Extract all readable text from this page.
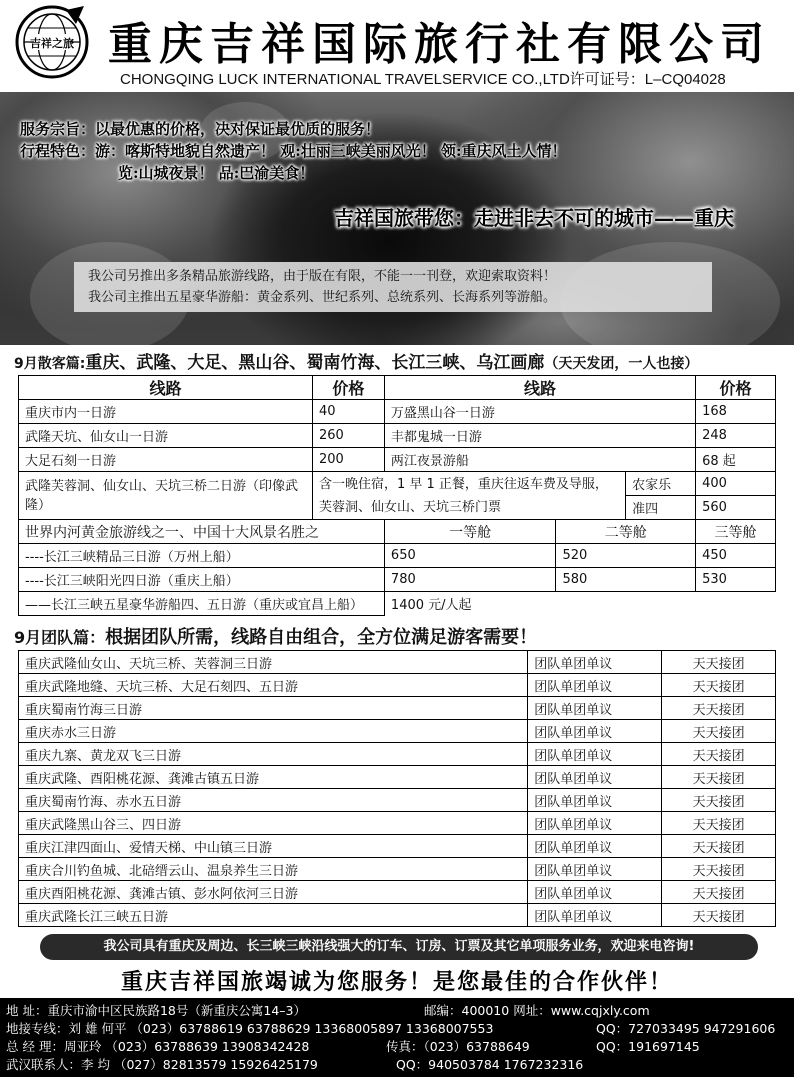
吉祥之旅 重庆吉祥国际旅行社有限公司
CHONGQING LUCK INTERNATIONAL TRAVELSERVICE CO.,LTD许可证号：L–CQ04028
服务宗旨：以最优惠的价格，决对保证最优质的服务！
行程特色：游：喀斯特地貌自然遗产！ 观:壮丽三峡美丽风光！ 领:重庆风土人情！
览:山城夜景！ 品:巴渝美食！
吉祥国旅带您：走进非去不可的城市——重庆
我公司另推出多条精品旅游线路，由于版在有限，不能一一刊登，欢迎索取资料！
我公司主推出五星豪华游船：黄金系列、世纪系列、总统系列、长海系列等游船。
9月散客篇:重庆、武隆、大足、黑山谷、蜀南竹海、长江三峡、乌江画廊（天天发团，一人也接）
线路	价格	线路			价格
重庆市内一日游	40	万盛黑山谷一日游			168
武隆天坑、仙女山一日游	260	丰都鬼城一日游			248
大足石刻一日游	200	两江夜景游船			68 起
武隆芙蓉洞、仙女山、天坑三桥二日游（印像武隆）	含一晚住宿，1 早 1 正餐，重庆往返车费及导服，
芙蓉洞、仙女山、天坑三桥门票			农家乐	400
				准四	560
世界内河黄金旅游线之一、中国十大风景名胜之		一等舱	二等舱		三等舱
----长江三峡精品三日游（万州上船）		650	520		450
----长江三峡阳光四日游（重庆上船）		780	580		530
——长江三峡五星豪华游船四、五日游（重庆或宜昌上船）		1400 元/人起			
9月团队篇：根据团队所需，线路自由组合，全方位满足游客需要！
重庆武隆仙女山、天坑三桥、芙蓉洞三日游	团队单团单议	天天接团
重庆武隆地缝、天坑三桥、大足石刻四、五日游	团队单团单议	天天接团
重庆蜀南竹海三日游	团队单团单议	天天接团
重庆赤水三日游	团队单团单议	天天接团
重庆九寨、黄龙双飞三日游	团队单团单议	天天接团
重庆武隆、酉阳桃花源、龚滩古镇五日游	团队单团单议	天天接团
重庆蜀南竹海、赤水五日游	团队单团单议	天天接团
重庆武隆黑山谷三、四日游	团队单团单议	天天接团
重庆江津四面山、爱情天梯、中山镇三日游	团队单团单议	天天接团
重庆合川钓鱼城、北碚缙云山、温泉养生三日游	团队单团单议	天天接团
重庆酉阳桃花源、龚滩古镇、彭水阿依河三日游	团队单团单议	天天接团
重庆武隆长江三峡五日游	团队单团单议	天天接团
我公司具有重庆及周边、长三峡三峡沿线强大的订车、订房、订票及其它单项服务业务，欢迎来电咨询!
重庆吉祥国旅竭诚为您服务！是您最佳的合作伙伴！
地 址：重庆市渝中区民族路18号（新重庆公寓14–3）	邮编：400010 网址：www.cqjxly.com
地接专线：刘 雄 何平 （023）63788619 63788629 13368005897 13368007553	QQ：727033495 947291606
总 经 理：周亚玲 （023）63788639 13908342428	传真：（023）63788649	QQ：191697145
武汉联系人：李 均 （027）82813579 15926425179	QQ：940503784 1767232316
